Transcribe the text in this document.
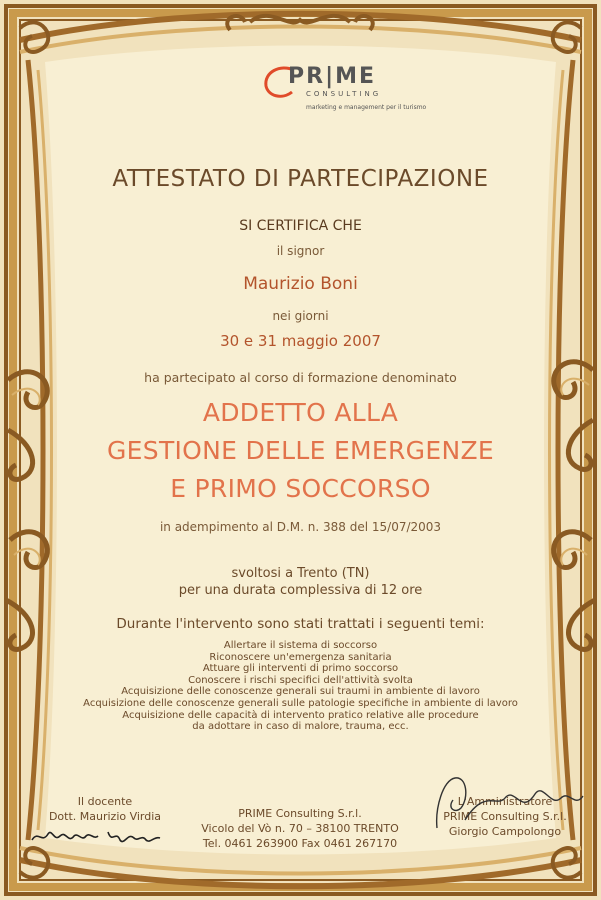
PR|ME
CONSULTING
marketing e management per il turismo
ATTESTATO DI PARTECIPAZIONE
SI CERTIFICA CHE
il signor
Maurizio Boni
nei giorni
30 e 31 maggio 2007
ha partecipato al corso di formazione denominato
ADDETTO ALLA
GESTIONE DELLE EMERGENZE
E PRIMO SOCCORSO
in adempimento al D.M. n. 388 del 15/07/2003
svoltosi a Trento (TN)
per una durata complessiva di 12 ore
Durante l'intervento sono stati trattati i seguenti temi:
Allertare il sistema di soccorso
Riconoscere un'emergenza sanitaria
Attuare gli interventi di primo soccorso
Conoscere i rischi specifici dell'attività svolta
Acquisizione delle conoscenze generali sui traumi in ambiente di lavoro
Acquisizione delle conoscenze generali sulle patologie specifiche in ambiente di lavoro
Acquisizione delle capacità di intervento pratico relative alle procedure
da adottare in caso di malore, trauma, ecc.
Il docente
Dott. Maurizio Virdia	PRIME Consulting S.r.l.
Vicolo del Vò n. 70 – 38100 TRENTO
Tel. 0461 263900 Fax 0461 267170
L'Amministratore
PRIME Consulting S.r.l.
Giorgio Campolongo
